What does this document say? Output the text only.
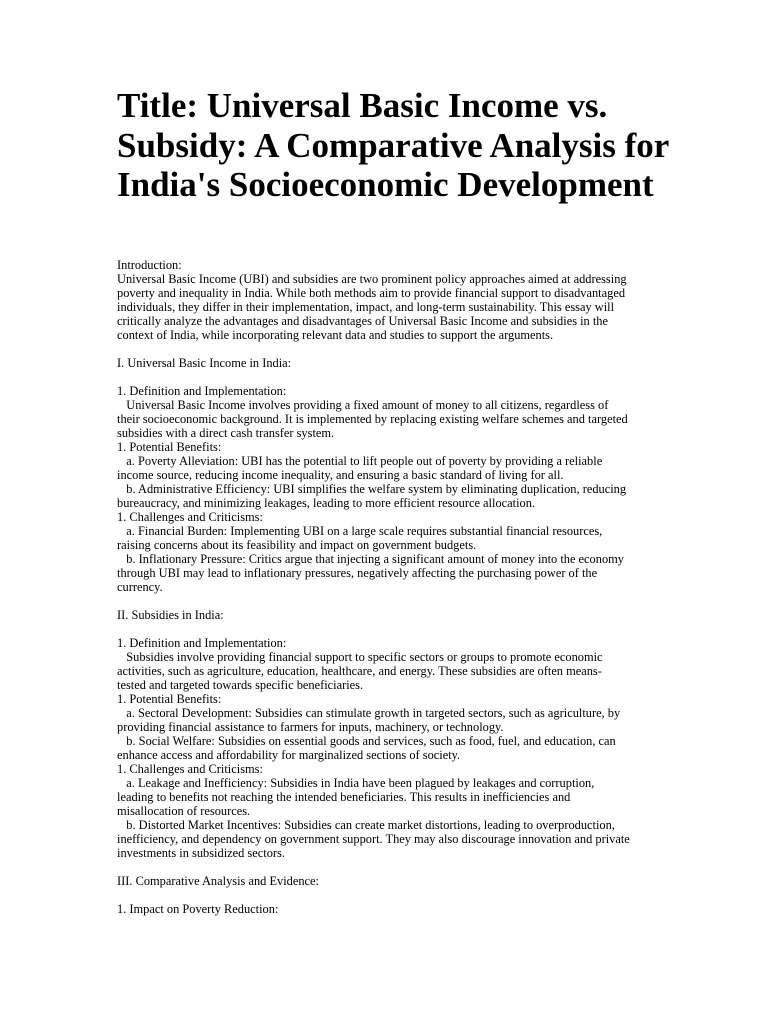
Title: Universal Basic Income vs. Subsidy: A Comparative Analysis for India's Socioeconomic Development
Introduction:
Universal Basic Income (UBI) and subsidies are two prominent policy approaches aimed at addressing
poverty and inequality in India. While both methods aim to provide financial support to disadvantaged
individuals, they differ in their implementation, impact, and long-term sustainability. This essay will
critically analyze the advantages and disadvantages of Universal Basic Income and subsidies in the
context of India, while incorporating relevant data and studies to support the arguments.
I. Universal Basic Income in India:
1. Definition and Implementation:
Universal Basic Income involves providing a fixed amount of money to all citizens, regardless of
their socioeconomic background. It is implemented by replacing existing welfare schemes and targeted
subsidies with a direct cash transfer system.
1. Potential Benefits:
a. Poverty Alleviation: UBI has the potential to lift people out of poverty by providing a reliable
income source, reducing income inequality, and ensuring a basic standard of living for all.
b. Administrative Efficiency: UBI simplifies the welfare system by eliminating duplication, reducing
bureaucracy, and minimizing leakages, leading to more efficient resource allocation.
1. Challenges and Criticisms:
a. Financial Burden: Implementing UBI on a large scale requires substantial financial resources,
raising concerns about its feasibility and impact on government budgets.
b. Inflationary Pressure: Critics argue that injecting a significant amount of money into the economy
through UBI may lead to inflationary pressures, negatively affecting the purchasing power of the
currency.
II. Subsidies in India:
1. Definition and Implementation:
Subsidies involve providing financial support to specific sectors or groups to promote economic
activities, such as agriculture, education, healthcare, and energy. These subsidies are often means-
tested and targeted towards specific beneficiaries.
1. Potential Benefits:
a. Sectoral Development: Subsidies can stimulate growth in targeted sectors, such as agriculture, by
providing financial assistance to farmers for inputs, machinery, or technology.
b. Social Welfare: Subsidies on essential goods and services, such as food, fuel, and education, can
enhance access and affordability for marginalized sections of society.
1. Challenges and Criticisms:
a. Leakage and Inefficiency: Subsidies in India have been plagued by leakages and corruption,
leading to benefits not reaching the intended beneficiaries. This results in inefficiencies and
misallocation of resources.
b. Distorted Market Incentives: Subsidies can create market distortions, leading to overproduction,
inefficiency, and dependency on government support. They may also discourage innovation and private
investments in subsidized sectors.
III. Comparative Analysis and Evidence:
1. Impact on Poverty Reduction:
